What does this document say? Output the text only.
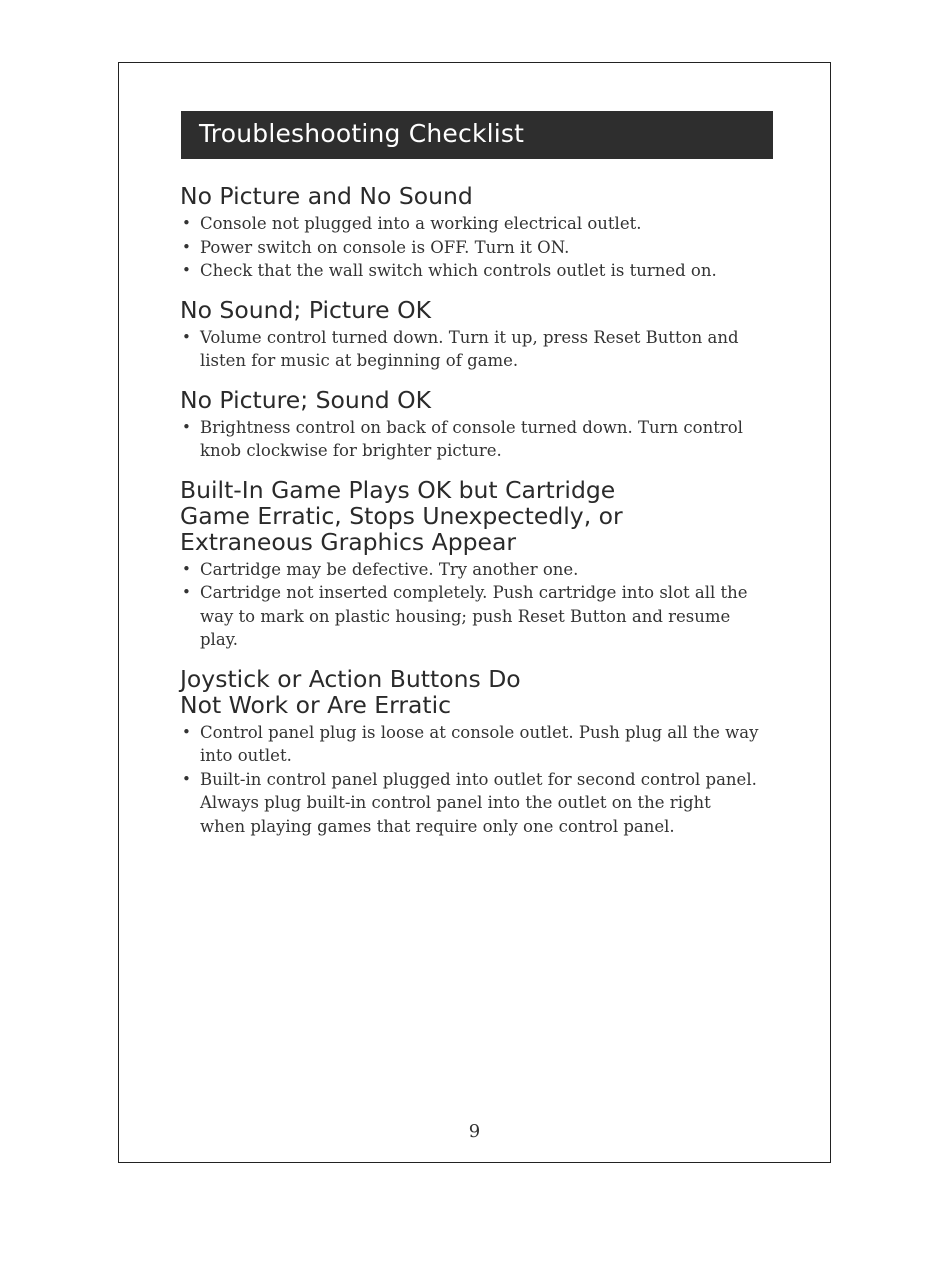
Troubleshooting Checklist
No Picture and No Sound
• Console not plugged into a working electrical outlet.
• Power switch on console is OFF. Turn it ON.
• Check that the wall switch which controls outlet is turned on.
No Sound; Picture OK
• Volume control turned down. Turn it up, press Reset Button and listen for music at beginning of game.
No Picture; Sound OK
• Brightness control on back of console turned down. Turn control knob clockwise for brighter picture.
Built-In Game Plays OK but Cartridge
Game Erratic, Stops Unexpectedly, or
Extraneous Graphics Appear
• Cartridge may be defective. Try another one.
• Cartridge not inserted completely. Push cartridge into slot all the way to mark on plastic housing; push Reset Button and resume play.
Joystick or Action Buttons Do
Not Work or Are Erratic
• Control panel plug is loose at console outlet. Push plug all the way into outlet.
• Built-in control panel plugged into outlet for second control panel. Always plug built-in control panel into the outlet on the right when playing games that require only one control panel.
9
